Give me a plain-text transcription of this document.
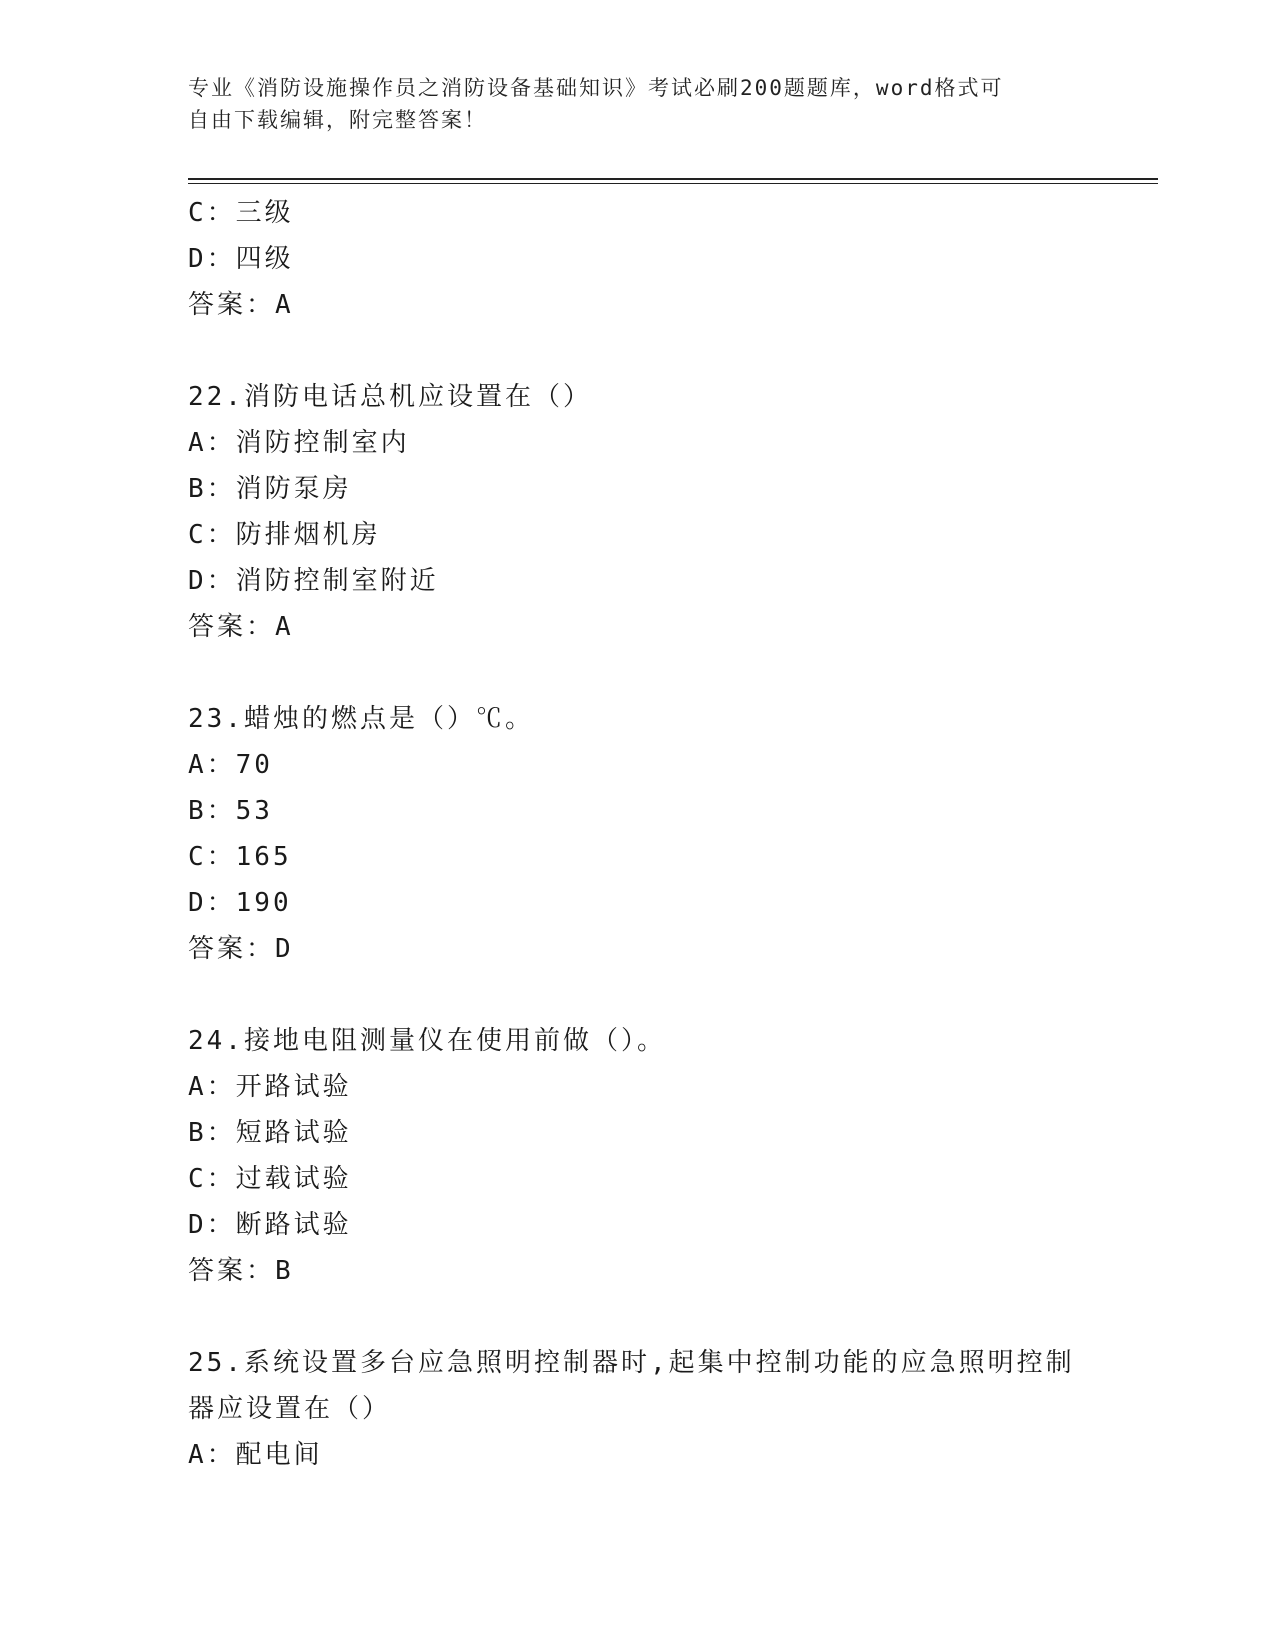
专业《消防设施操作员之消防设备基础知识》考试必刷200题题库，word格式可
自由下载编辑，附完整答案！
C：三级
D：四级
答案：A
22.消防电话总机应设置在（）
A：消防控制室内
B：消防泵房
C：防排烟机房
D：消防控制室附近
答案：A
23.蜡烛的燃点是（）℃。
A：70
B：53
C：165
D：190
答案：D
24.接地电阻测量仪在使用前做（）。
A：开路试验
B：短路试验
C：过载试验
D：断路试验
答案：B
25.系统设置多台应急照明控制器时,起集中控制功能的应急照明控制
器应设置在（）
A：配电间
